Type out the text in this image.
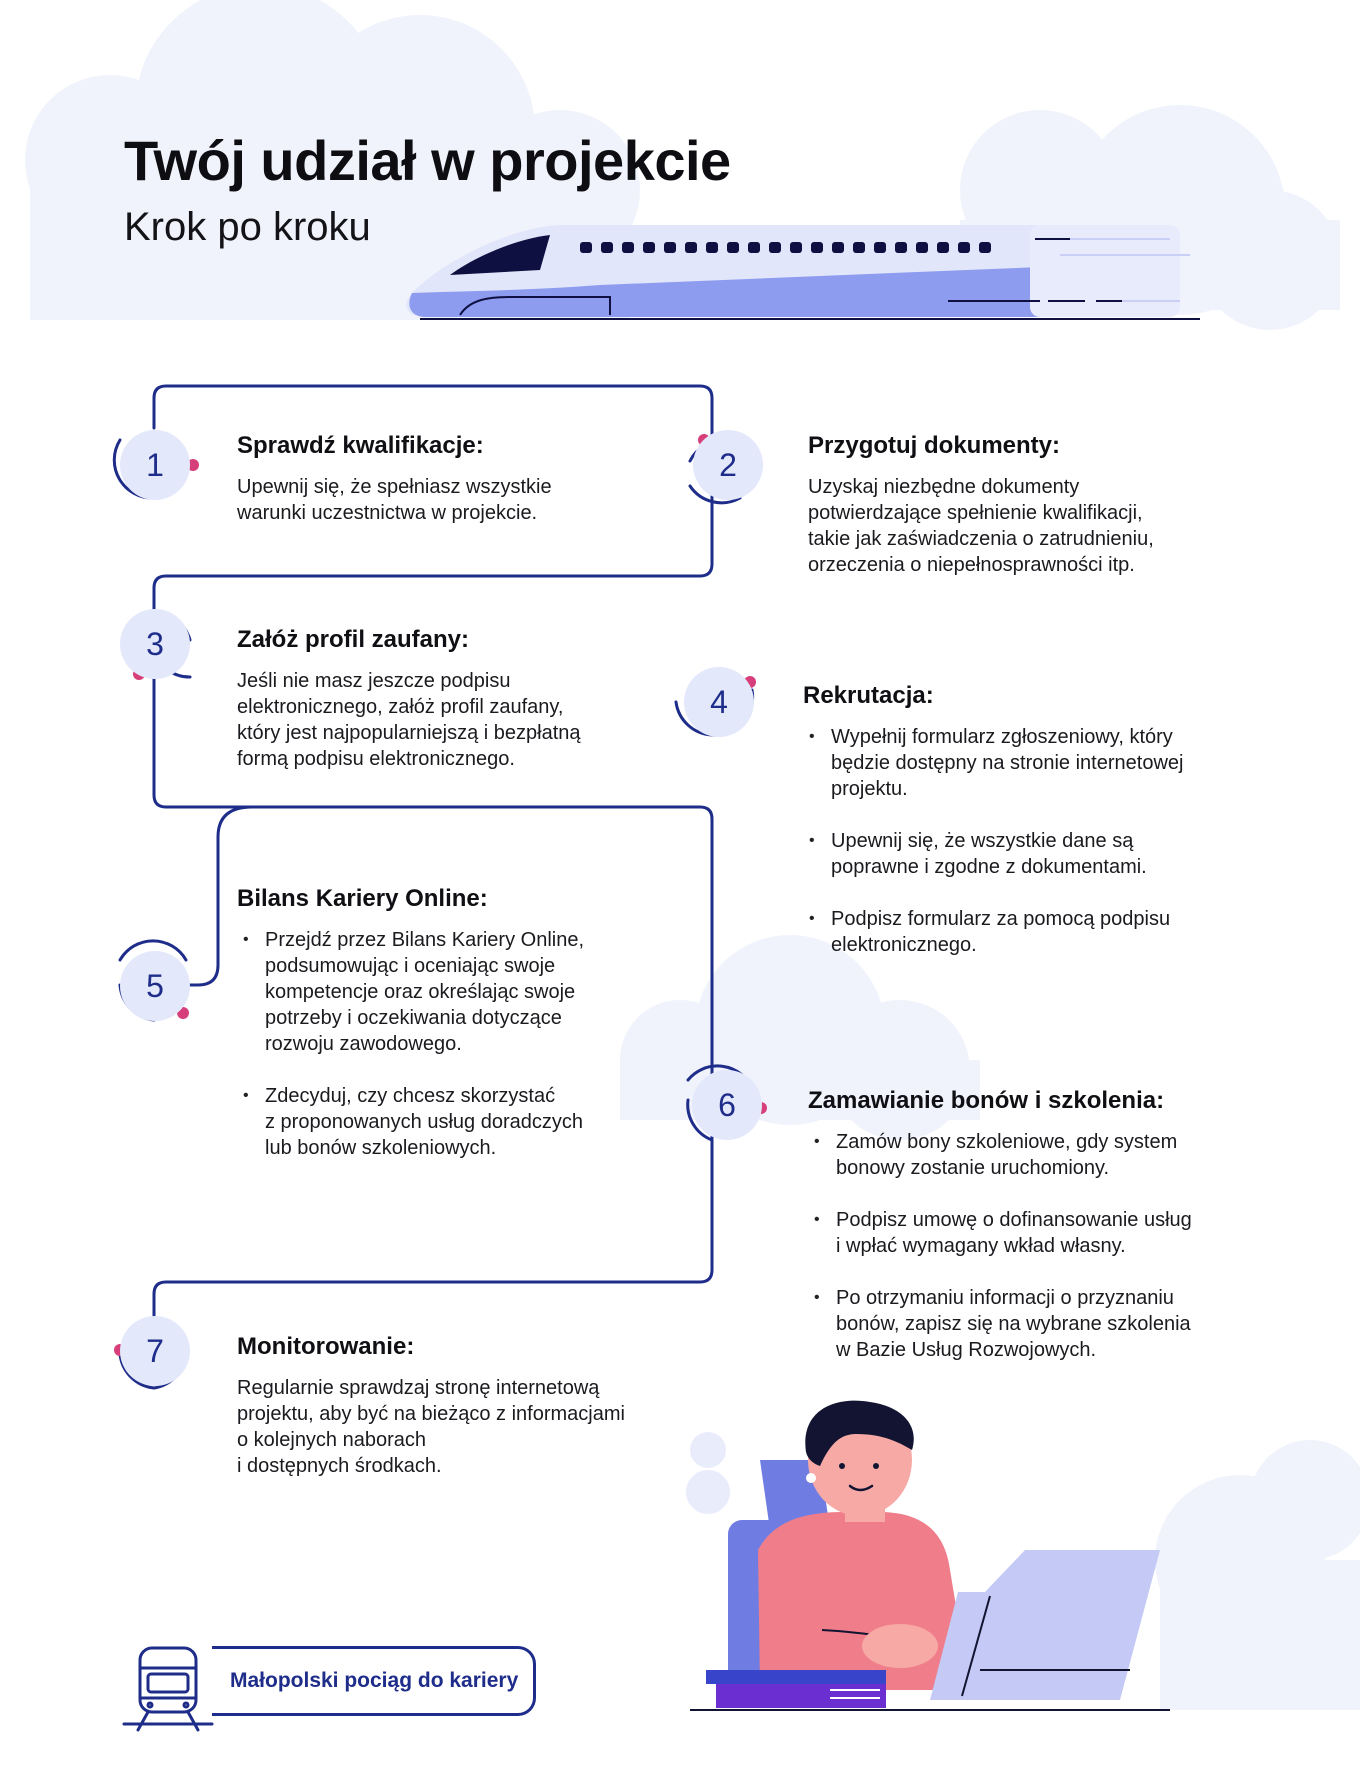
Twój udział w projekcie
Krok po kroku
1	2
3
4
5
6
7
Sprawdź kwalifikacje:

Upewnij się, że spełniasz wszystkie
warunki uczestnictwa w projekcie.

Przygotuj dokumenty:

Uzyskaj niezbędne dokumenty
potwierdzające spełnienie kwalifikacji,
takie jak zaświadczenia o zatrudnieniu,
orzeczenia o niepełnosprawności itp.

Załóż profil zaufany:

Jeśli nie masz jeszcze podpisu
elektronicznego, załóż profil zaufany,
który jest najpopularniejszą i bezpłatną
formą podpisu elektronicznego.

Rekrutacja:
• Wypełnij formularz zgłoszeniowy, który
będzie dostępny na stronie internetowej
projektu.
• Upewnij się, że wszystkie dane są
poprawne i zgodne z dokumentami.
• Podpisz formularz za pomocą podpisu
elektronicznego.
Bilans Kariery Online:
• Przejdź przez Bilans Kariery Online,
podsumowując i oceniając swoje
kompetencje oraz określając swoje
potrzeby i oczekiwania dotyczące
rozwoju zawodowego.
• Zdecyduj, czy chcesz skorzystać
z proponowanych usług doradczych
lub bonów szkoleniowych.
Zamawianie bonów i szkolenia:
• Zamów bony szkoleniowe, gdy system
bonowy zostanie uruchomiony.
• Podpisz umowę o dofinansowanie usług
i wpłać wymagany wkład własny.
• Po otrzymaniu informacji o przyznaniu
bonów, zapisz się na wybrane szkolenia
w Bazie Usług Rozwojowych.
Monitorowanie:

Regularnie sprawdzaj stronę internetową
projektu, aby być na bieżąco z informacjami
o kolejnych naborach
i dostępnych środkach.

Małopolski pociąg do kariery
